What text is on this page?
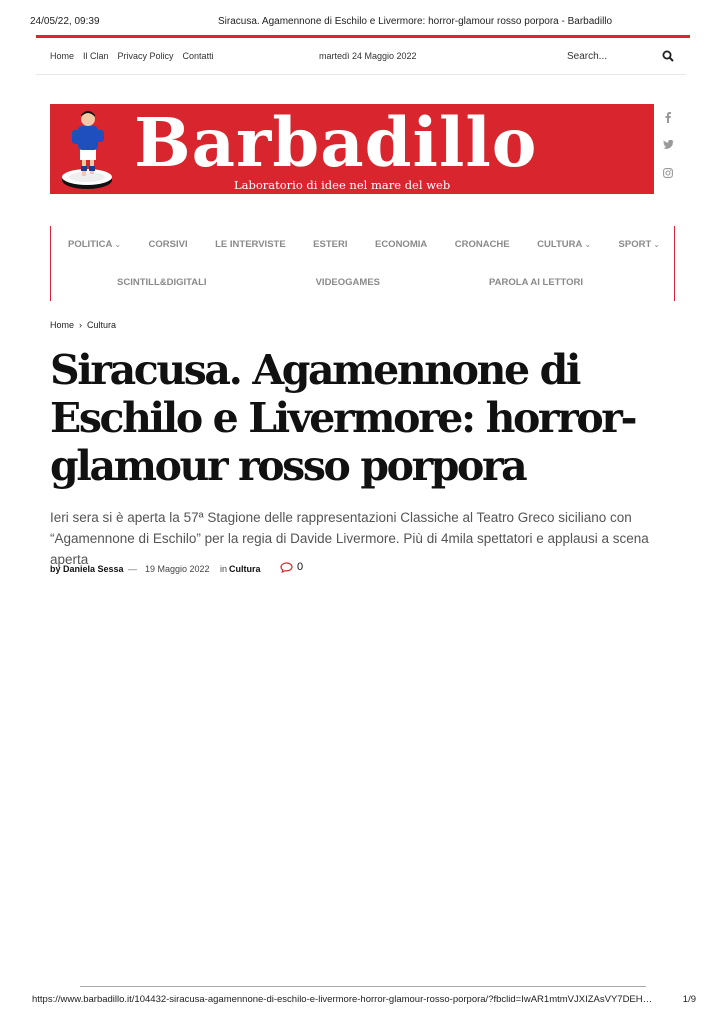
24/05/22, 09:39	Siracusa. Agamennone di Eschilo e Livermore: horror-glamour rosso porpora - Barbadillo
Home Il Clan Privacy Policy Contatti	martedì 24 Maggio 2022
Search...
Barbadillo
Laboratorio di idee nel mare del web
POLITICA ⌄	CORSIVI	LE INTERVISTE	ESTERI	ECONOMIA	CRONACHE	CULTURA ⌄	SPORT ⌄
SCINTILL&DIGITALI	VIDEOGAMES	PAROLA AI LETTORI
Home › Cultura
Siracusa. Agamennone di
Eschilo e Livermore: horror-
glamour rosso porpora
Ieri sera si è aperta la 57ª Stagione delle rappresentazioni Classiche al Teatro Greco siciliano con
“Agamennone di Eschilo” per la regia di Davide Livermore. Più di 4mila spettatori e applausi a scena aperta
by Daniela Sessa — 19 Maggio 2022 in Cultura	0
https://www.barbadillo.it/104432-siracusa-agamennone-di-eschilo-e-livermore-horror-glamour-rosso-porpora/?fbclid=IwAR1mtmVJXIZAsVY7DEH…	1/9
